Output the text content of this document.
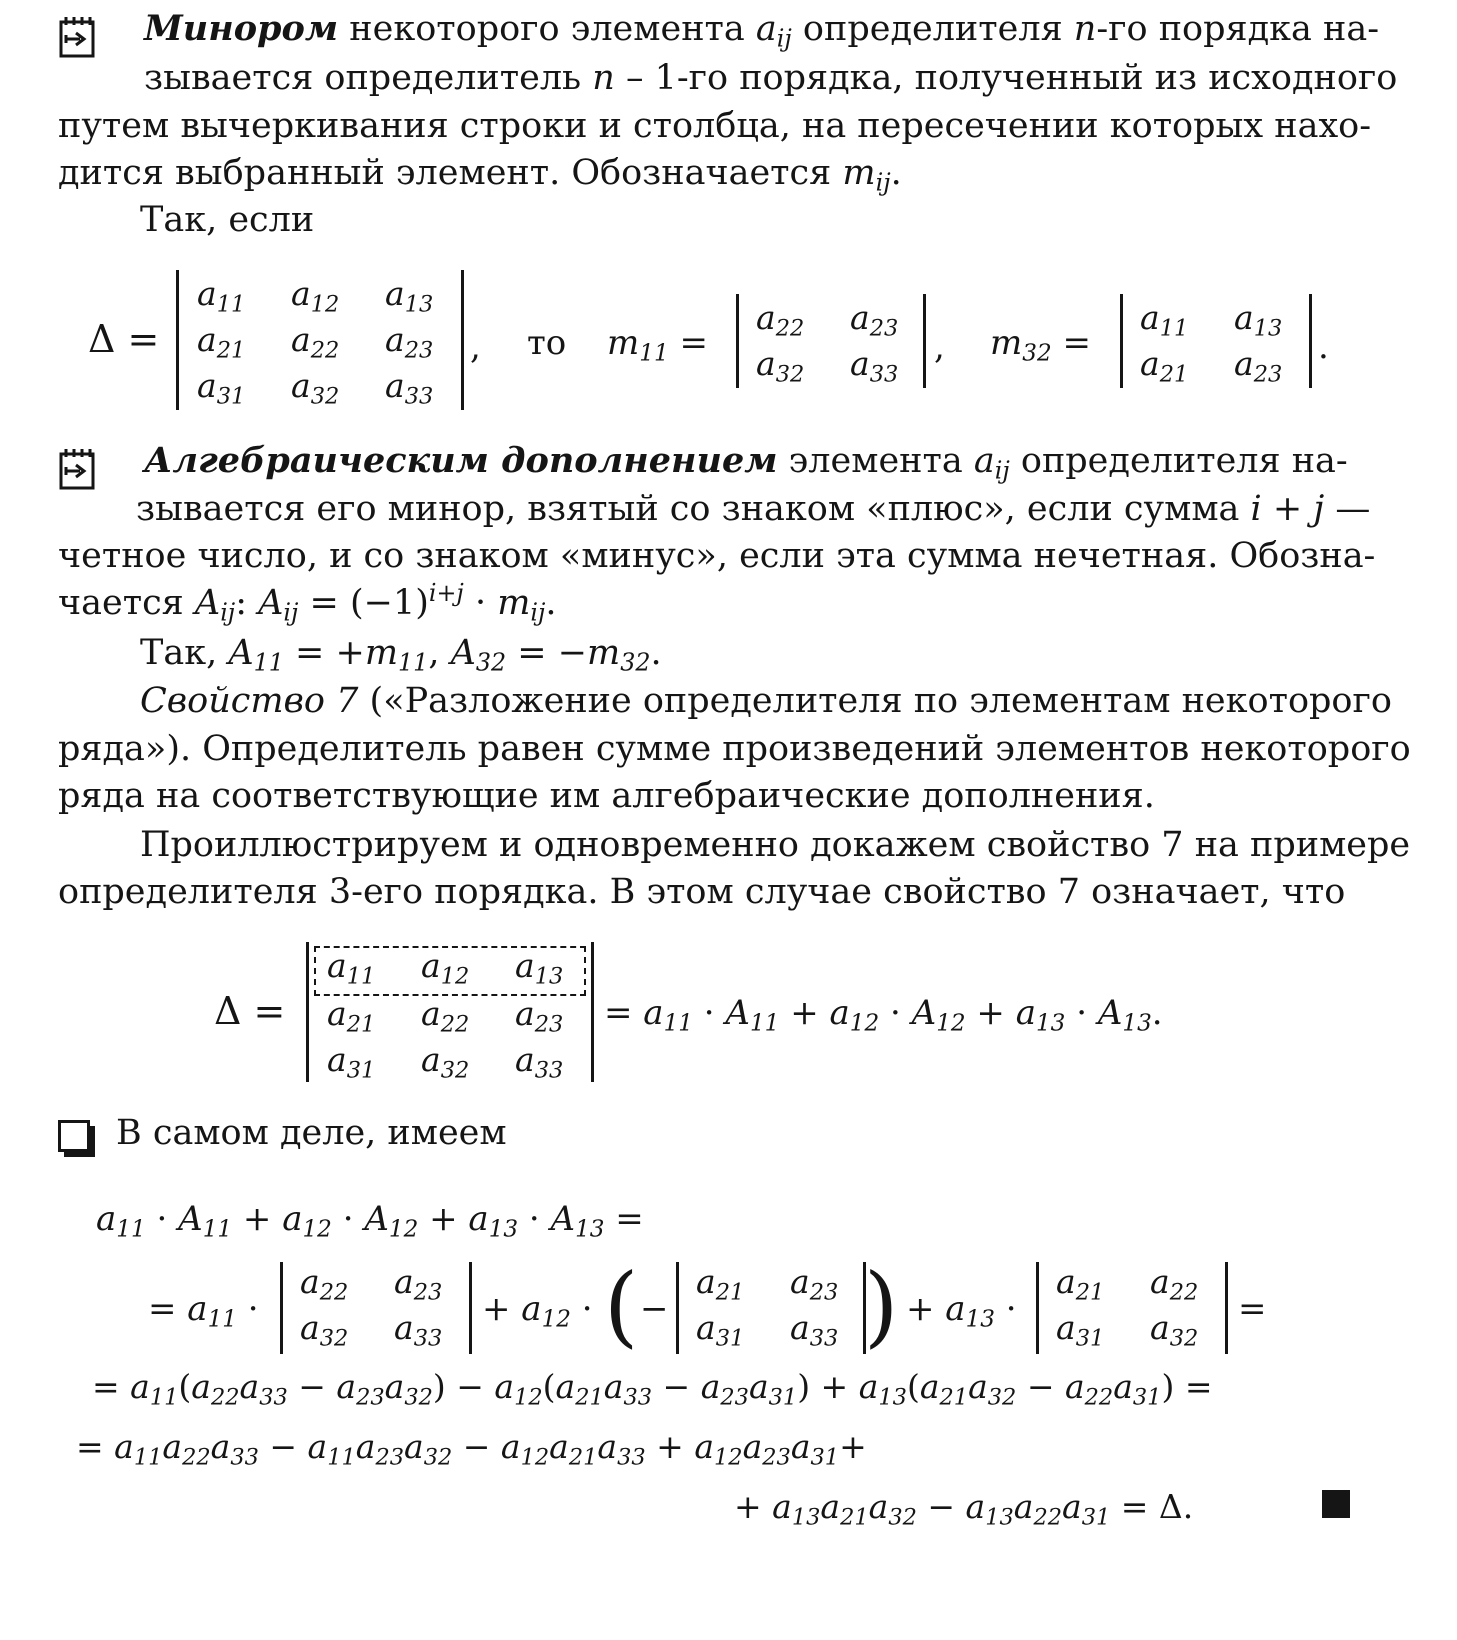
Минором некоторого элемента $a_{ij}$ определителя n-го порядка на-
зывается определитель n – 1-го порядка, полученный из исходного
путем вычеркивания строки и столбца, на пересечении которых нахо-
дится выбранный элемент. Обозначается $m_{ij}$.
Так, если
Δ =
$a_{11}$ $a_{12}$ $a_{13}$
$a_{21}$ $a_{22}$ $a_{23}$
$a_{31}$ $a_{32}$ $a_{33}$
, то $m_{11}$ =
$a_{22}$ $a_{23}$
$a_{32}$ $a_{33}$
, $m_{32}$ =
$a_{11}$ $a_{13}$
$a_{21}$ $a_{23}$
.
Алгебраическим дополнением элемента $a_{ij}$ определителя на-
зывается его минор, взятый со знаком «плюс», если сумма i + j —
четное число, и со знаком «минус», если эта сумма нечетная. Обозна-
чается $A_{ij}$: $A_{ij} = (-1)^{i+j} \cdot m_{ij}$.
Так, $A_{11} = +m_{11}$, $A_{32} = -m_{32}$.
Свойство 7 («Разложение определителя по элементам некоторого
ряда»). Определитель равен сумме произведений элементов некоторого
ряда на соответствующие им алгебраические дополнения.
Проиллюстрируем и одновременно докажем свойство 7 на примере
определителя 3-его порядка. В этом случае свойство 7 означает, что
Δ =
$a_{11}$ $a_{12}$ $a_{13}$
$a_{21}$ $a_{22}$ $a_{23}$
$a_{31}$ $a_{32}$ $a_{33}$
= $a_{11} \cdot A_{11} + a_{12} \cdot A_{12} + a_{13} \cdot A_{13}$.
В самом деле, имеем
$a_{11} \cdot A_{11} + a_{12} \cdot A_{12} + a_{13} \cdot A_{13}$ =
= $a_{11}$ ·
$a_{22}$ $a_{23}$
$a_{32}$ $a_{33}$
+ $a_{12}$ · ( −
$a_{21}$ $a_{23}$
$a_{31}$ $a_{33}$ ) + $a_{13}$ ·
$a_{21}$ $a_{22}$
$a_{31}$ $a_{32}$
=
= $a_{11}(a_{22}a_{33} - a_{23}a_{32}) - a_{12}(a_{21}a_{33} - a_{23}a_{31}) + a_{13}(a_{21}a_{32} - a_{22}a_{31})$ =
= $a_{11}a_{22}a_{33} - a_{11}a_{23}a_{32} - a_{12}a_{21}a_{33} + a_{12}a_{23}a_{31}+$
+ $a_{13}a_{21}a_{32} - a_{13}a_{22}a_{31} = \Delta$.
